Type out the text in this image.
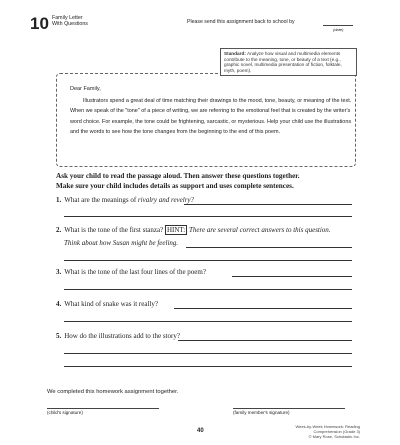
10 Family Letter
With Questions	Please send this assignment back to school by
(date)
Standard: Analyze how visual and multimedia elements contribute to the meaning, tone, or beauty of a text (e.g., graphic novel, multimedia presentation of fiction, folktale, myth, poem).
Dear Family,
Illustrators spend a great deal of time matching their drawings to the mood, tone, beauty, or meaning of the text. When we speak of the "tone" of a piece of writing, we are referring to the emotional feel that is created by the writer's word choice. For example, the tone could be frightening, sarcastic, or mysterious. Help your child use the illustrations and the words to see how the tone changes from the beginning to the end of this poem.
Ask your child to read the passage aloud. Then answer these questions together.
Make sure your child includes details as support and uses complete sentences.
1. What are the meanings of rivalry and revelry?
2. What is the tone of the first stanza? HINT: There are several correct answers to this question.
Think about how Susan might be feeling.
3. What is the tone of the last four lines of the poem?
4. What kind of snake was it really?
5. How do the illustrations add to the story?
We completed this homework assignment together.
(child's signature)	(family member's signature)
40
Week-by-Week Homework: Reading Comprehension (Grade 3)
© Mary Rose, Scholastic Inc.
